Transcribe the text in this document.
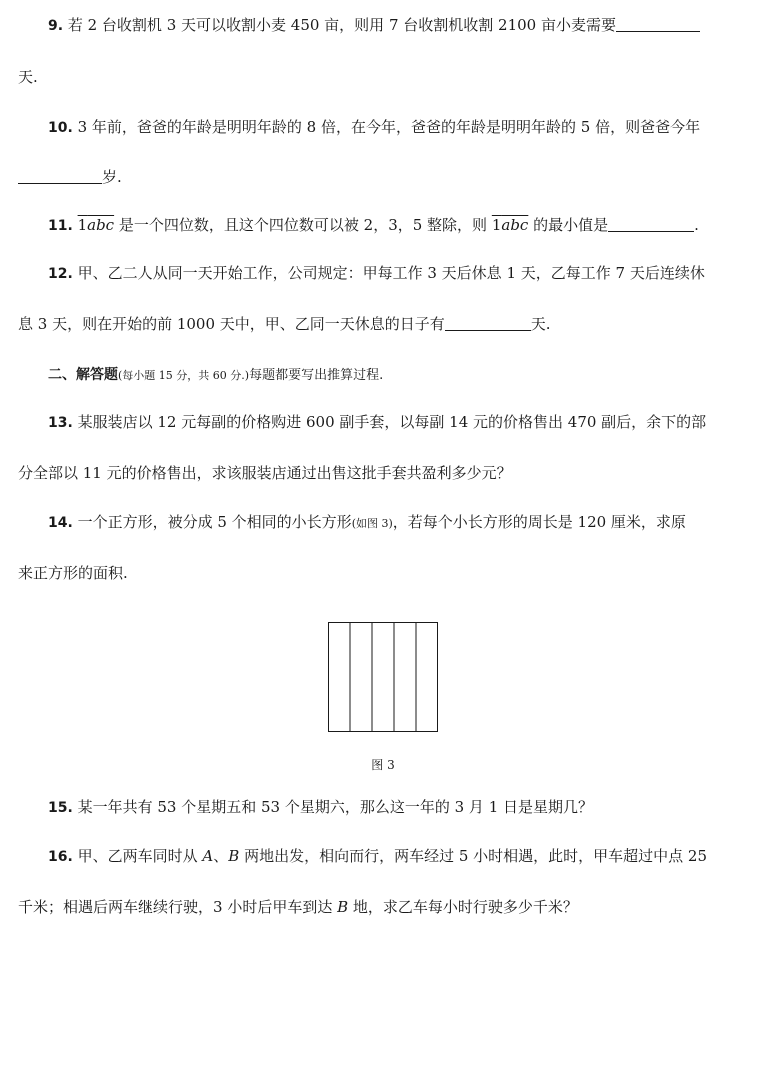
9. 若 2 台收割机 3 天可以收割小麦 450 亩，则用 7 台收割机收割 2100 亩小麦需要
天.
10. 3 年前，爸爸的年龄是明明年龄的 8 倍，在今年，爸爸的年龄是明明年龄的 5 倍，则爸爸今年
岁.
11. 1abc 是一个四位数，且这个四位数可以被 2，3，5 整除，则 1abc 的最小值是	.
12. 甲、乙二人从同一天开始工作，公司规定：甲每工作 3 天后休息 1 天，乙每工作 7 天后连续休
息 3 天，则在开始的前 1000 天中，甲、乙同一天休息的日子有	天.
二、解答题(每小题 15 分，共 60 分.)每题都要写出推算过程.
13. 某服装店以 12 元每副的价格购进 600 副手套，以每副 14 元的价格售出 470 副后，余下的部
分全部以 11 元的价格售出，求该服装店通过出售这批手套共盈利多少元？
14. 一个正方形，被分成 5 个相同的小长方形(如图 3)，若每个小长方形的周长是 120 厘米，求原
来正方形的面积.
图 3
15. 某一年共有 53 个星期五和 53 个星期六，那么这一年的 3 月 1 日是星期几？
16. 甲、乙两车同时从 A、B 两地出发，相向而行，两车经过 5 小时相遇，此时，甲车超过中点 25
千米；相遇后两车继续行驶，3 小时后甲车到达 B 地，求乙车每小时行驶多少千米？
